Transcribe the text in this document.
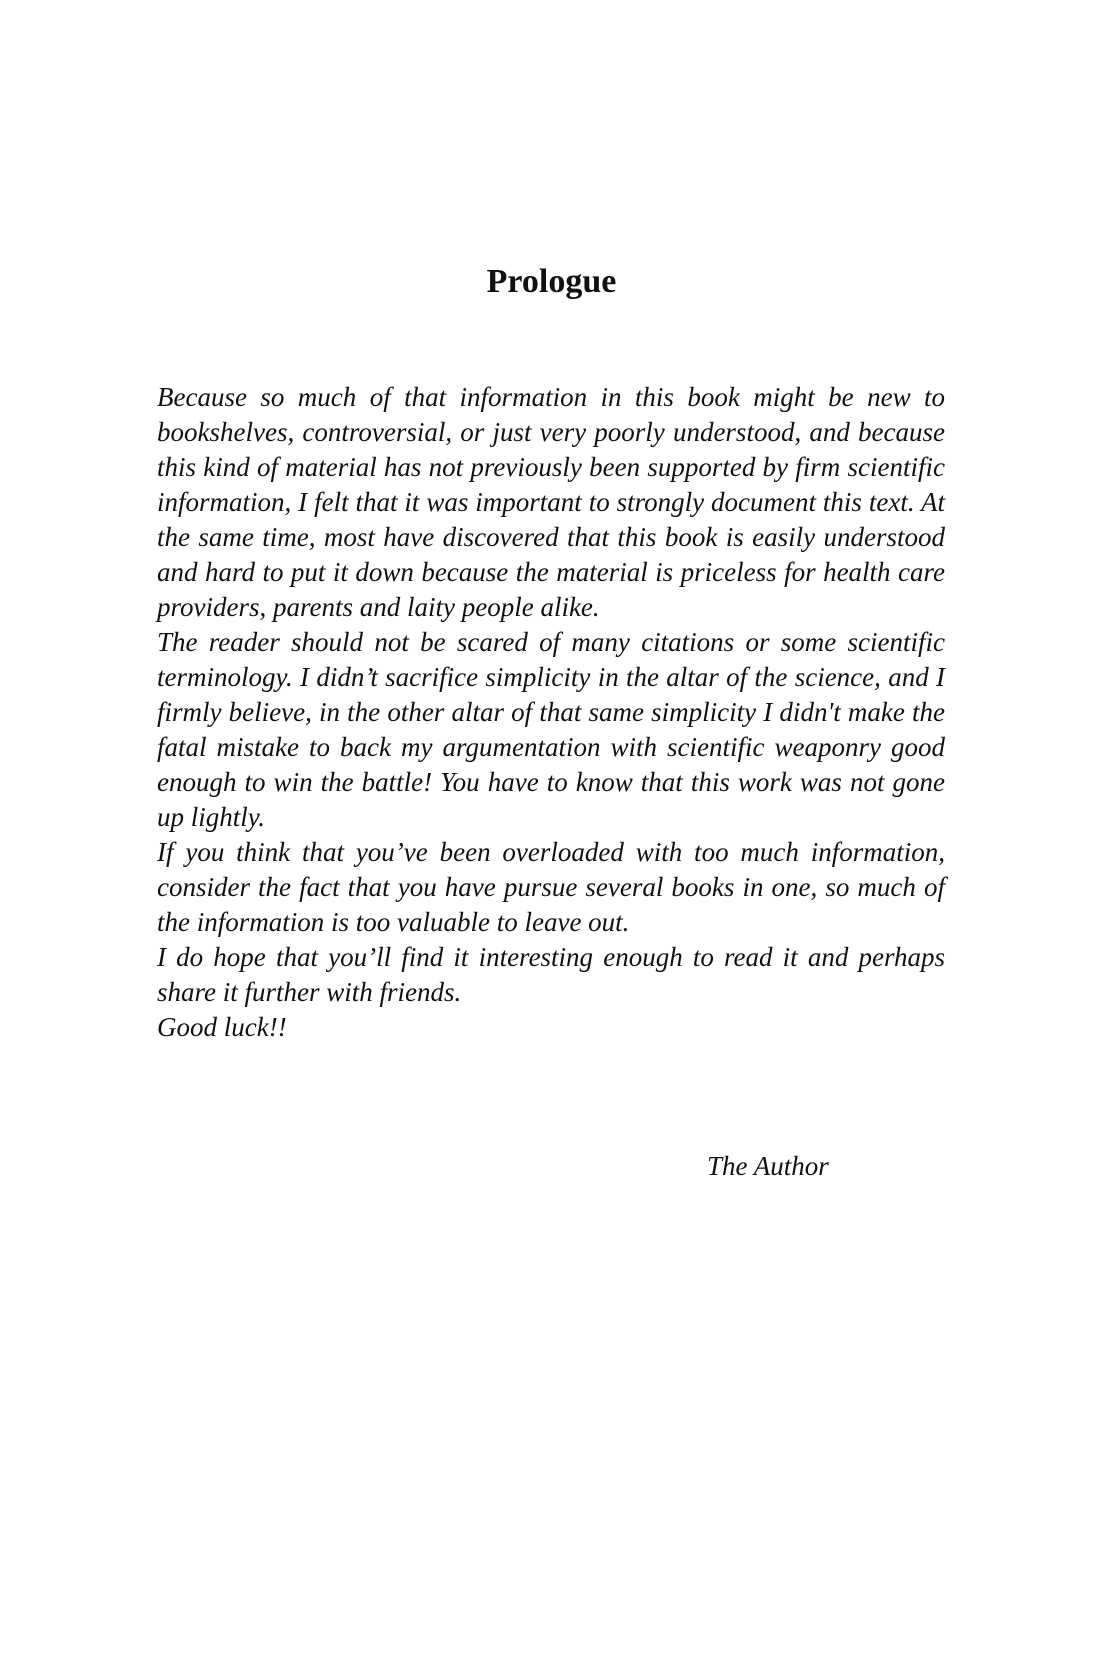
Prologue

Because so much of that information in this book might be new to bookshelves, controversial, or just very poorly understood, and because this kind of material has not previously been supported by firm scientific information, I felt that it was important to strongly document this text. At the same time, most have discovered that this book is easily understood and hard to put it down because the material is priceless for health care providers, parents and laity people alike.

The reader should not be scared of many citations or some scientific terminology. I didn’t sacrifice simplicity in the altar of the science, and I firmly believe, in the other altar of that same simplicity I didn't make the fatal mistake to back my argumentation with scientific weaponry good enough to win the battle! You have to know that this work was not gone up lightly.

If you think that you’ve been overloaded with too much information, consider the fact that you have pursue several books in one, so much of the information is too valuable to leave out.

I do hope that you’ll find it interesting enough to read it and perhaps share it further with friends.

Good luck!!

The Author
